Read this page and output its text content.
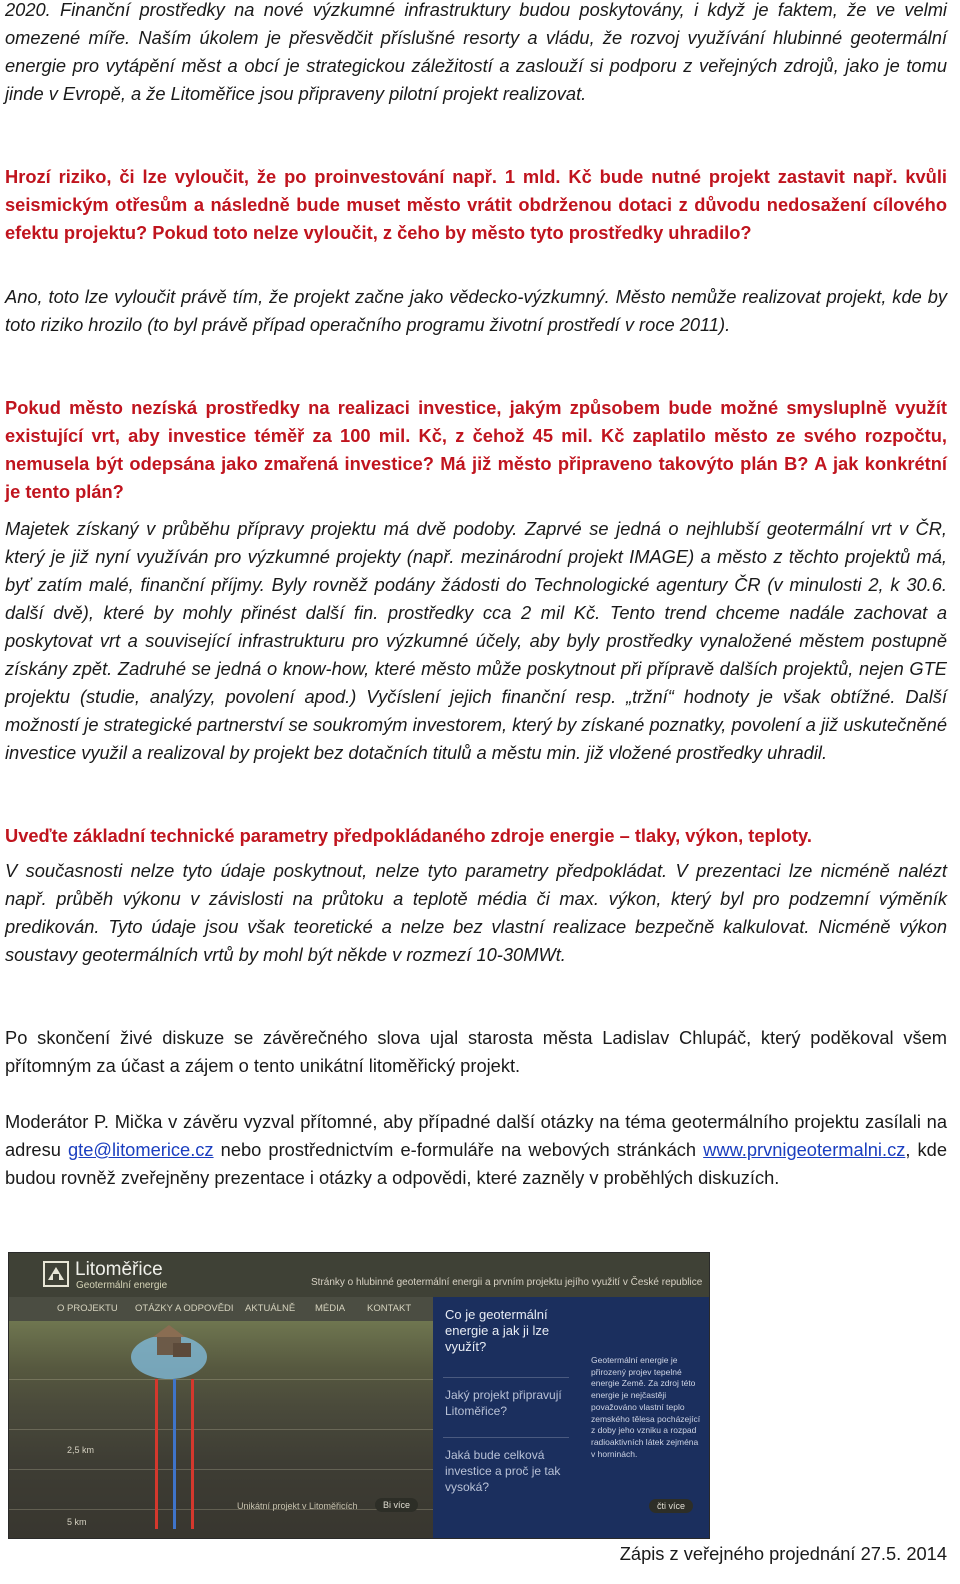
2020. Finanční prostředky na nové výzkumné infrastruktury budou poskytovány, i když je faktem, že ve velmi omezené míře. Naším úkolem je přesvědčit příslušné resorty a vládu, že rozvoj využívání hlubinné geotermální energie pro vytápění měst a obcí je strategickou záležitostí a zaslouží si podporu z veřejných zdrojů, jako je tomu jinde v Evropě, a že Litoměřice jsou připraveny pilotní projekt realizovat.

Hrozí riziko, či lze vyloučit, že po proinvestování např. 1 mld. Kč bude nutné projekt zastavit např. kvůli seismickým otřesům a následně bude muset město vrátit obdrženou dotaci z důvodu nedosažení cílového efektu projektu? Pokud toto nelze vyloučit, z čeho by město tyto prostředky uhradilo?

Ano, toto lze vyloučit právě tím, že projekt začne jako vědecko-výzkumný. Město nemůže realizovat projekt, kde by toto riziko hrozilo (to byl právě případ operačního programu životní prostředí v roce 2011).

Pokud město nezíská prostředky na realizaci investice, jakým způsobem bude možné smysluplně využít existující vrt, aby investice téměř za 100 mil. Kč, z čehož 45 mil. Kč zaplatilo město ze svého rozpočtu, nemusela být odepsána jako zmařená investice? Má již město připraveno takovýto plán B? A jak konkrétní je tento plán?

Majetek získaný v průběhu přípravy projektu má dvě podoby. Zaprvé se jedná o nejhlubší geotermální vrt v ČR, který je již nyní využíván pro výzkumné projekty (např. mezinárodní projekt IMAGE) a město z těchto projektů má, byť zatím malé, finanční příjmy. Byly rovněž podány žádosti do Technologické agentury ČR (v minulosti 2, k 30.6. další dvě), které by mohly přinést další fin. prostředky cca 2 mil Kč. Tento trend chceme nadále zachovat a poskytovat vrt a související infrastrukturu pro výzkumné účely, aby byly prostředky vynaložené městem postupně získány zpět. Zadruhé se jedná o know-how, které město může poskytnout při přípravě dalších projektů, nejen GTE projektu (studie, analýzy, povolení apod.) Vyčíslení jejich finanční resp. „tržní“ hodnoty je však obtížné. Další možností je strategické partnerství se soukromým investorem, který by získané poznatky, povolení a již uskutečněné investice využil a realizoval by projekt bez dotačních titulů a městu min. již vložené prostředky uhradil.

Uveďte základní technické parametry předpokládaného zdroje energie – tlaky, výkon, teploty.

V současnosti nelze tyto údaje poskytnout, nelze tyto parametry předpokládat. V prezentaci lze nicméně nalézt např. průběh výkonu v závislosti na průtoku a teplotě média či max. výkon, který byl pro podzemní výměník predikován. Tyto údaje jsou však teoretické a nelze bez vlastní realizace bezpečně kalkulovat. Nicméně výkon soustavy geotermálních vrtů by mohl být někde v rozmezí 10-30MWt.

Po skončení živé diskuze se závěrečného slova ujal starosta města Ladislav Chlupáč, který poděkoval všem přítomným za účast a zájem o tento unikátní litoměřický projekt.

Moderátor P. Mička v závěru vyzval přítomné, aby případné další otázky na téma geotermálního projektu zasílali na adresu gte@litomerice.cz nebo prostřednictvím e-formuláře na webových stránkách www.prvnigeotermalni.cz, kde budou rovněž zveřejněny prezentace i otázky a odpovědi, které zazněly v proběhlých diskuzích.

Litoměřice
Geotermální energie	Stránky o hlubinné geotermální energii a prvním projektu jejího využití v České republice
O PROJEKTU OTÁZKY A ODPOVĚDI AKTUÁLNĚ MÉDIA KONTAKT
2,5 km
5 km
Unikátní projekt v Litoměřicích	Bi více
Co je geotermální energie a jak ji lze využít?
Jaký projekt připravují Litoměřice?
Jaká bude celková investice a proč je tak vysoká?
Geotermální energie je přirozený projev tepelné energie Země. Za zdroj této energie je nejčastěji považováno vlastní teplo zemského tělesa pocházející z doby jeho vzniku a rozpad radioaktivních látek zejména v horninách.
čti více
Zápis z veřejného projednání 27.5. 2014
